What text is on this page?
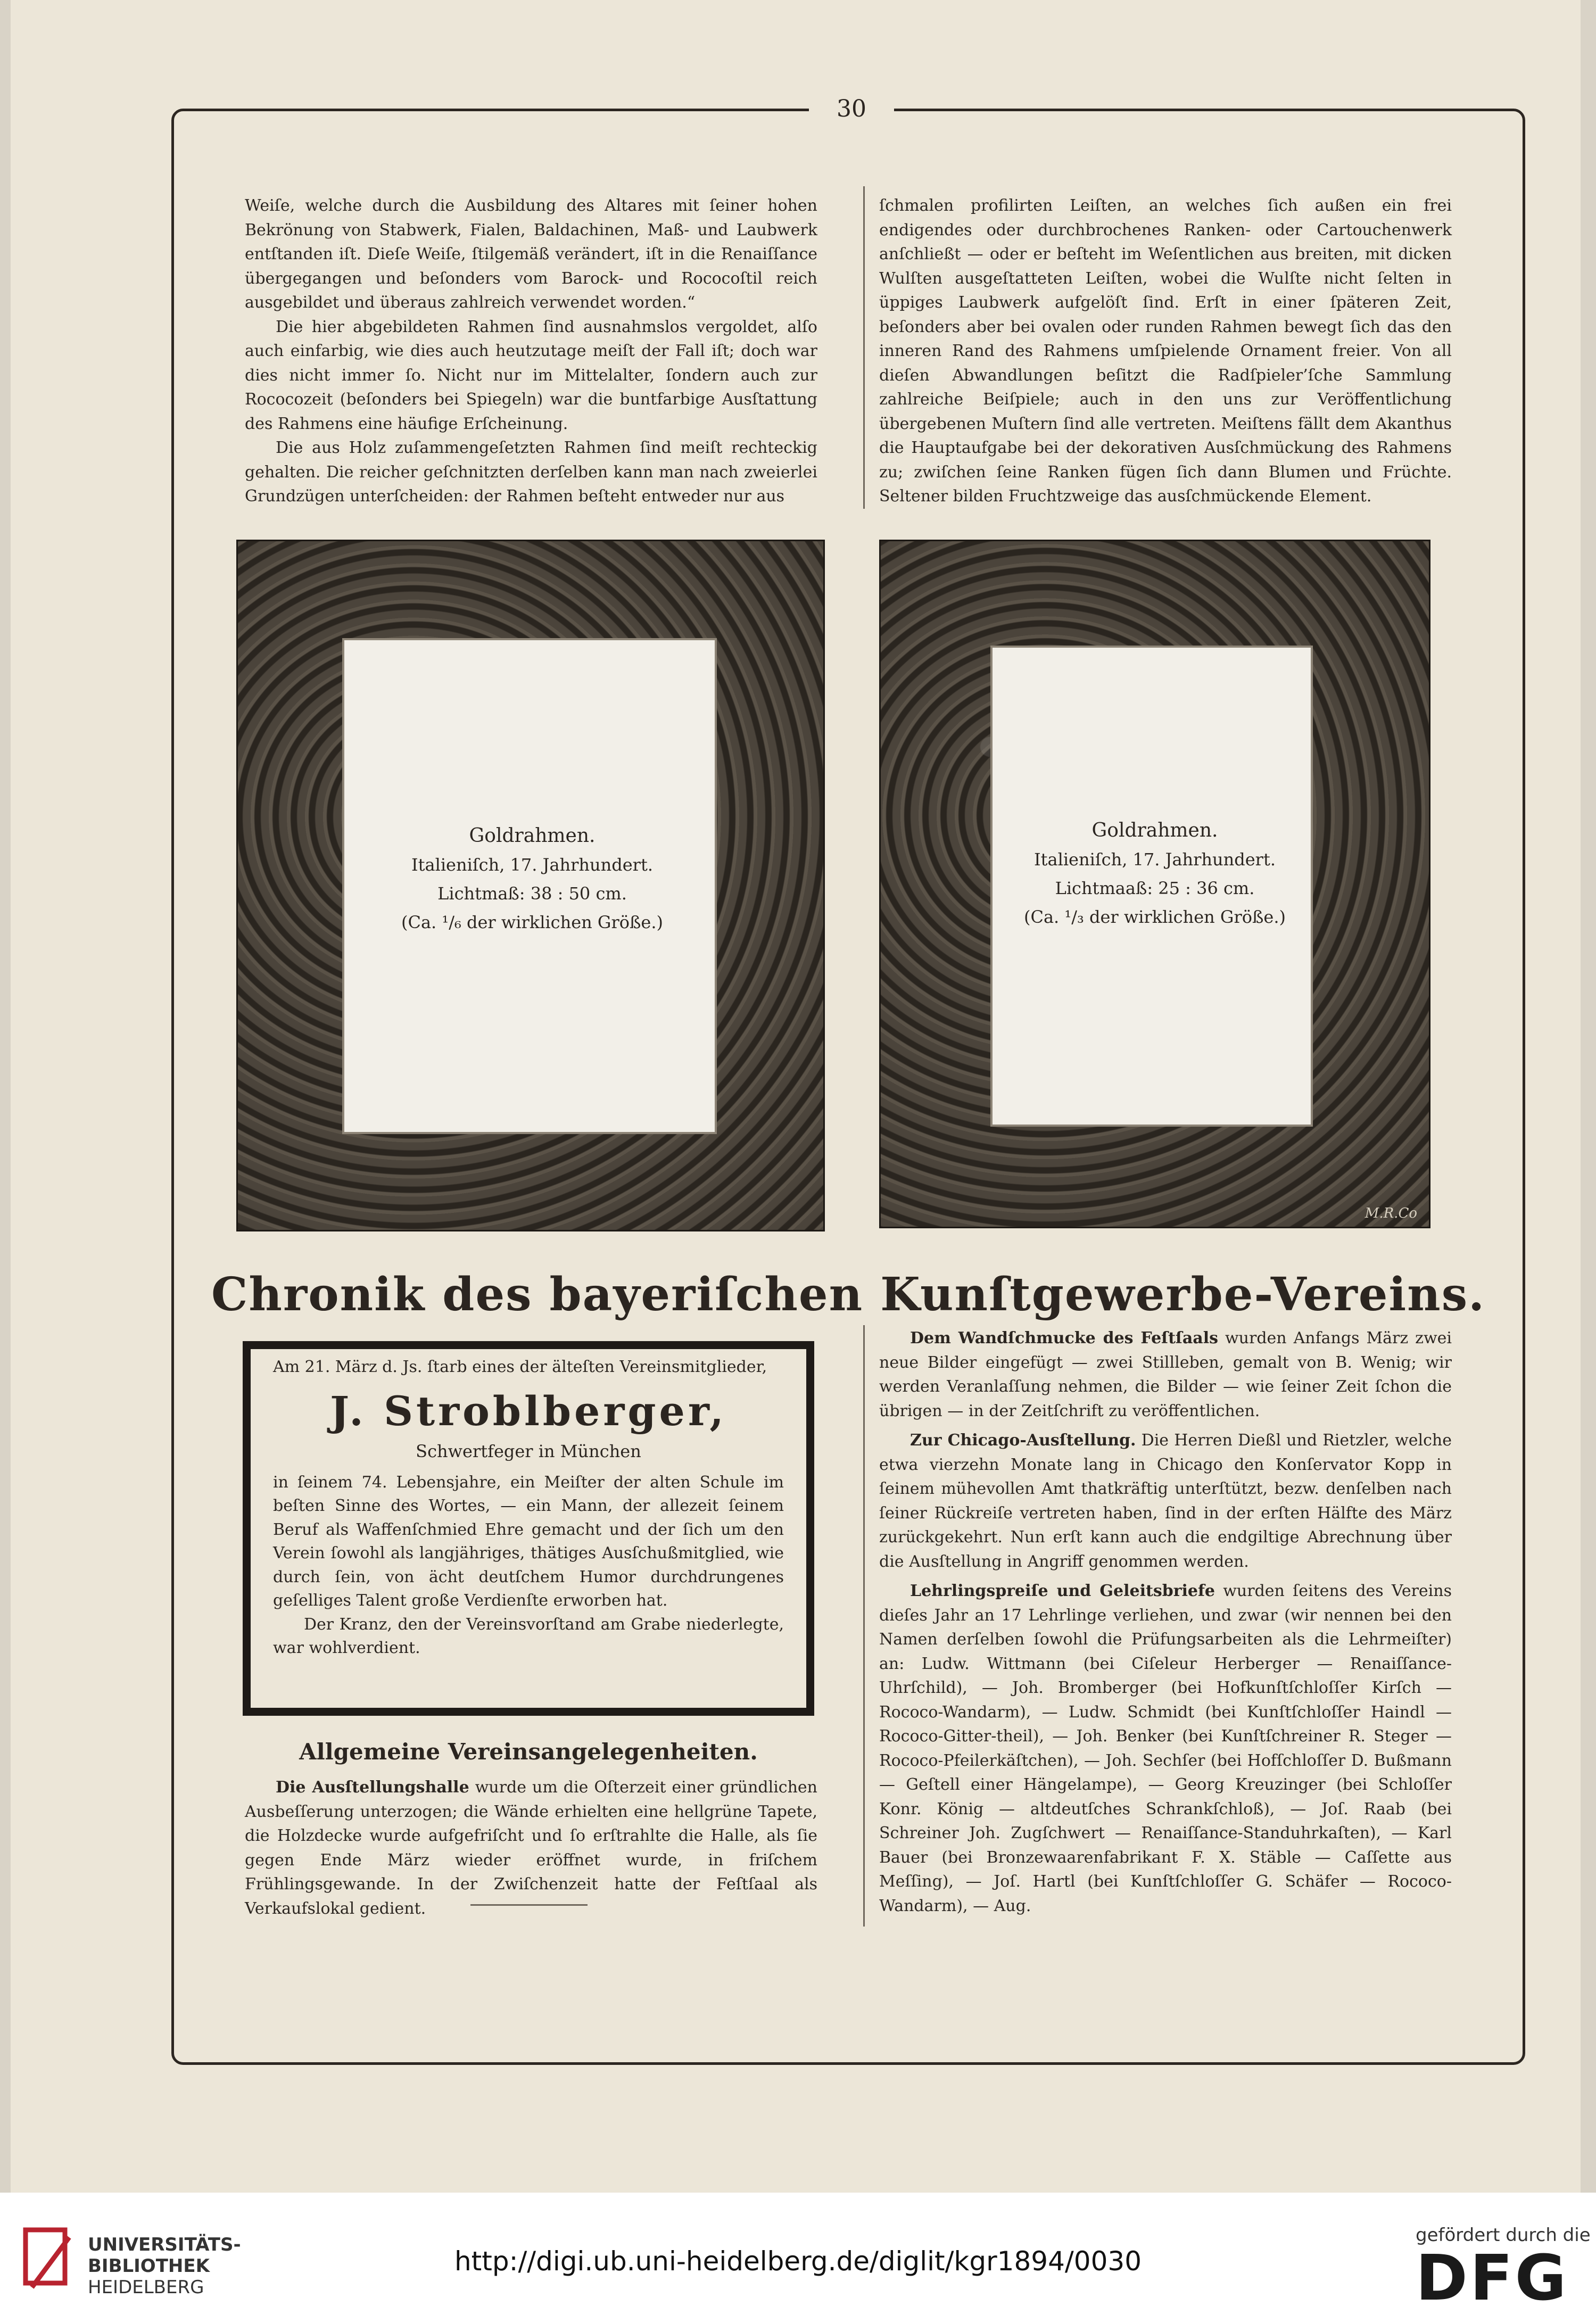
30

Weiſe, welche durch die Ausbildung des Altares mit ſeiner hohen Bekrönung von Stabwerk, Fialen, Baldachinen, Maß- und Laubwerk entſtanden iſt. Dieſe Weiſe, ſtilgemäß verändert, iſt in die Renaiſſance übergegangen und beſonders vom Barock- und Rococoſtil reich ausgebildet und überaus zahlreich verwendet worden.“

Die hier abgebildeten Rahmen ſind ausnahmslos vergoldet, alſo auch einfarbig, wie dies auch heutzutage meiſt der Fall iſt; doch war dies nicht immer ſo. Nicht nur im Mittelalter, ſondern auch zur Rococozeit (beſonders bei Spiegeln) war die buntfarbige Ausſtattung des Rahmens eine häufige Erſcheinung.

Die aus Holz zuſammengeſetzten Rahmen ſind meiſt rechteckig gehalten. Die reicher geſchnitzten derſelben kann man nach zweierlei Grundzügen unterſcheiden: der Rahmen beſteht entweder nur aus

ſchmalen profilirten Leiſten, an welches ſich außen ein frei endigendes oder durchbrochenes Ranken- oder Cartouchenwerk anſchließt — oder er beſteht im Weſentlichen aus breiten, mit dicken Wulſten ausgeſtatteten Leiſten, wobei die Wulſte nicht ſelten in üppiges Laubwerk aufgelöſt ſind. Erſt in einer ſpäteren Zeit, beſonders aber bei ovalen oder runden Rahmen bewegt ſich das den inneren Rand des Rahmens umſpielende Ornament freier. Von all dieſen Abwandlungen beſitzt die Radſpieler’ſche Sammlung zahlreiche Beiſpiele; auch in den uns zur Veröffentlichung übergebenen Muſtern ſind alle vertreten. Meiſtens fällt dem Akanthus die Hauptaufgabe bei der dekorativen Ausſchmückung des Rahmens zu; zwiſchen ſeine Ranken fügen ſich dann Blumen und Früchte. Seltener bilden Fruchtzweige das ausſchmückende Element.

Goldrahmen.
Italieniſch, 17. Jahrhundert.
Lichtmaß: 38 : 50 cm.
(Ca. ¹/₆ der wirklichen Größe.)
M.R.Co
Goldrahmen.
Italieniſch, 17. Jahrhundert.
Lichtmaaß: 25 : 36 cm.
(Ca. ¹/₃ der wirklichen Größe.)
Chronik des bayeriſchen Kunſtgewerbe-Vereins.

Am 21. März d. Js. ſtarb eines der älteſten Vereinsmitglieder,

J. Stroblberger,
Schwertfeger in München

in ſeinem 74. Lebensjahre, ein Meiſter der alten Schule im beſten Sinne des Wortes, — ein Mann, der allezeit ſeinem Beruf als Waffenſchmied Ehre gemacht und der ſich um den Verein ſowohl als langjähriges, thätiges Ausſchußmitglied, wie durch ſein, von ächt deutſchem Humor durchdrungenes geſelliges Talent große Verdienſte erworben hat.

Der Kranz, den der Vereinsvorſtand am Grabe niederlegte, war wohlverdient.

Allgemeine Vereinsangelegenheiten.

Die Ausſtellungshalle wurde um die Oſterzeit einer gründlichen Ausbeſſerung unterzogen; die Wände erhielten eine hellgrüne Tapete, die Holzdecke wurde aufgefriſcht und ſo erſtrahlte die Halle, als ſie gegen Ende März wieder eröffnet wurde, in friſchem Frühlingsgewande. In der Zwiſchenzeit hatte der Feſtſaal als Verkaufslokal gedient.

Dem Wandſchmucke des Feſtſaals wurden Anfangs März zwei neue Bilder eingefügt — zwei Stillleben, gemalt von B. Wenig; wir werden Veranlaſſung nehmen, die Bilder — wie ſeiner Zeit ſchon die übrigen — in der Zeitſchrift zu veröffentlichen.

Zur Chicago-Ausſtellung. Die Herren Dießl und Rietzler, welche etwa vierzehn Monate lang in Chicago den Konſervator Kopp in ſeinem mühevollen Amt thatkräftig unterſtützt, bezw. denſelben nach ſeiner Rückreiſe vertreten haben, ſind in der erſten Hälfte des März zurückgekehrt. Nun erſt kann auch die endgiltige Abrechnung über die Ausſtellung in Angriff genommen werden.

Lehrlingspreiſe und Geleitsbriefe wurden ſeitens des Vereins dieſes Jahr an 17 Lehrlinge verliehen, und zwar (wir nennen bei den Namen derſelben ſowohl die Prüfungsarbeiten als die Lehrmeiſter) an: Ludw. Wittmann (bei Ciſeleur Herberger — Renaiſſance-Uhrſchild), — Joh. Bromberger (bei Hofkunſtſchloſſer Kirſch — Rococo-Wandarm), — Ludw. Schmidt (bei Kunſtſchloſſer Haindl — Rococo-Gitter-theil), — Joh. Benker (bei Kunſtſchreiner R. Steger — Rococo-Pfeilerkäſtchen), — Joh. Sechſer (bei Hofſchloſſer D. Bußmann — Geſtell einer Hängelampe), — Georg Kreuzinger (bei Schloſſer Konr. König — altdeutſches Schrankſchloß), — Joſ. Raab (bei Schreiner Joh. Zugſchwert — Renaiſſance-Standuhrkaſten), — Karl Bauer (bei Bronzewaarenfabrikant F. X. Stäble — Caſſette aus Meſſing), — Joſ. Hartl (bei Kunſtſchloſſer G. Schäfer — Rococo-Wandarm), — Aug.

UNIVERSITÄTS-
BIBLIOTHEK
HEIDELBERG
http://digi.ub.uni-heidelberg.de/diglit/kgr1894/0030
gefördert durch die
DFG
